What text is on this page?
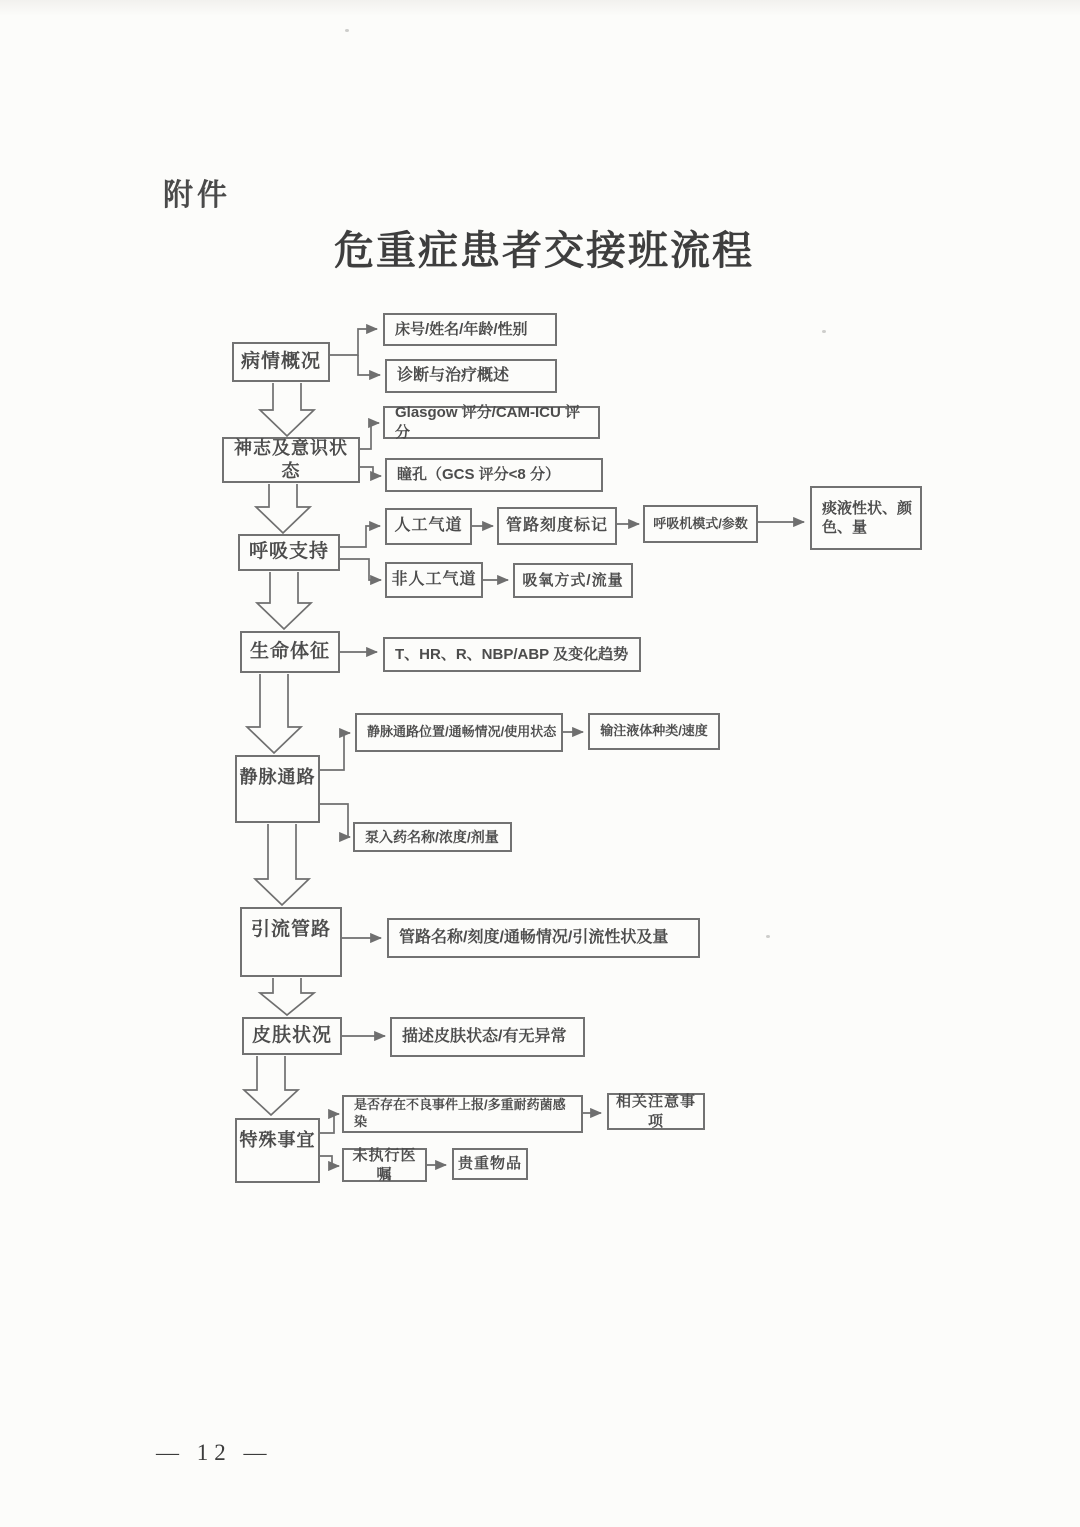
附件
危重症患者交接班流程
病情概况
床号/姓名/年龄/性别
诊断与治疗概述
神志及意识状态
Glasgow 评分/CAM-ICU 评分
瞳孔（GCS 评分<8 分）
呼吸支持
人工气道	管路刻度标记	呼吸机模式/参数
痰液性状、颜色、量
非人工气道	吸氧方式/流量
生命体征	T、HR、R、NBP/ABP 及变化趋势
静脉通路
静脉通路位置/通畅情况/使用状态	输注液体种类/速度
泵入药名称/浓度/剂量
引流管路	管路名称/刻度/通畅情况/引流性状及量
皮肤状况	描述皮肤状态/有无异常
特殊事宜
是否存在不良事件上报/多重耐药菌感染
相关注意事项
未执行医嘱
贵重物品
— 12 —
